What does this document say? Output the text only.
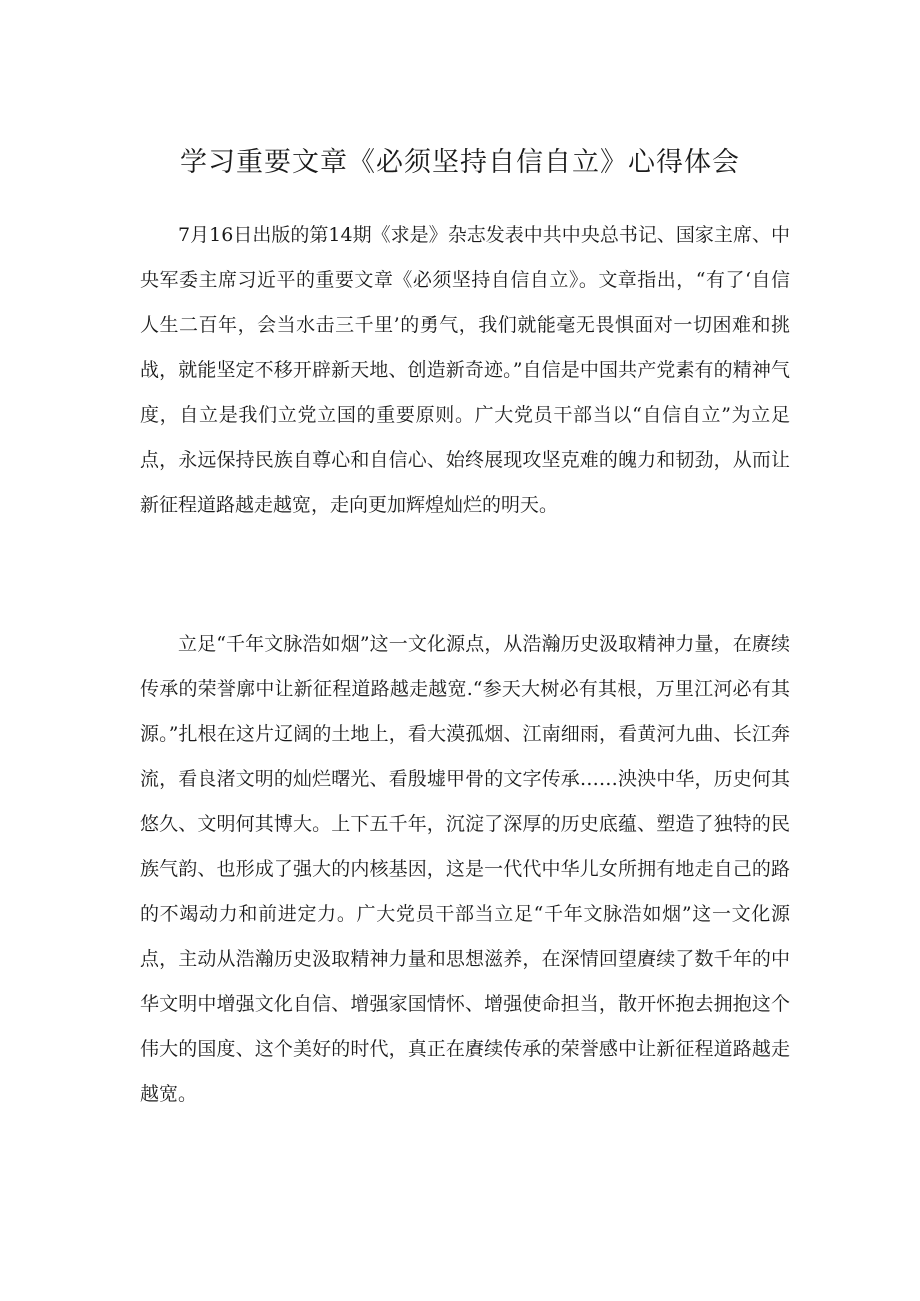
学习重要文章《必须坚持自信自立》心得体会

7月16日出版的第14期《求是》杂志发表中共中央总书记、国家主席、中央军委主席习近平的重要文章《必须坚持自信自立》。文章指出，“有了‘自信人生二百年，会当水击三千里’的勇气，我们就能毫无畏惧面对一切困难和挑战，就能坚定不移开辟新天地、创造新奇迹。”自信是中国共产党素有的精神气度，自立是我们立党立国的重要原则。广大党员干部当以“自信自立”为立足点，永远保持民族自尊心和自信心、始终展现攻坚克难的魄力和韧劲，从而让新征程道路越走越宽，走向更加辉煌灿烂的明天。

立足“千年文脉浩如烟”这一文化源点，从浩瀚历史汲取精神力量，在赓续传承的荣誉廓中让新征程道路越走越宽.“参天大树必有其根，万里江河必有其源。”扎根在这片辽阔的土地上，看大漠孤烟、江南细雨，看黄河九曲、长江奔流，看良渚文明的灿烂曙光、看殷墟甲骨的文字传承……泱泱中华，历史何其悠久、文明何其博大。上下五千年，沉淀了深厚的历史底蕴、塑造了独特的民族气韵、也形成了强大的内核基因，这是一代代中华儿女所拥有地走自己的路的不竭动力和前进定力。广大党员干部当立足“千年文脉浩如烟”这一文化源点，主动从浩瀚历史汲取精神力量和思想滋养，在深情回望賡续了数千年的中华文明中增强文化自信、增强家国情怀、增强使命担当，散开怀抱去拥抱这个伟大的国度、这个美好的时代，真正在賡续传承的荣誉感中让新征程道路越走越宽。
